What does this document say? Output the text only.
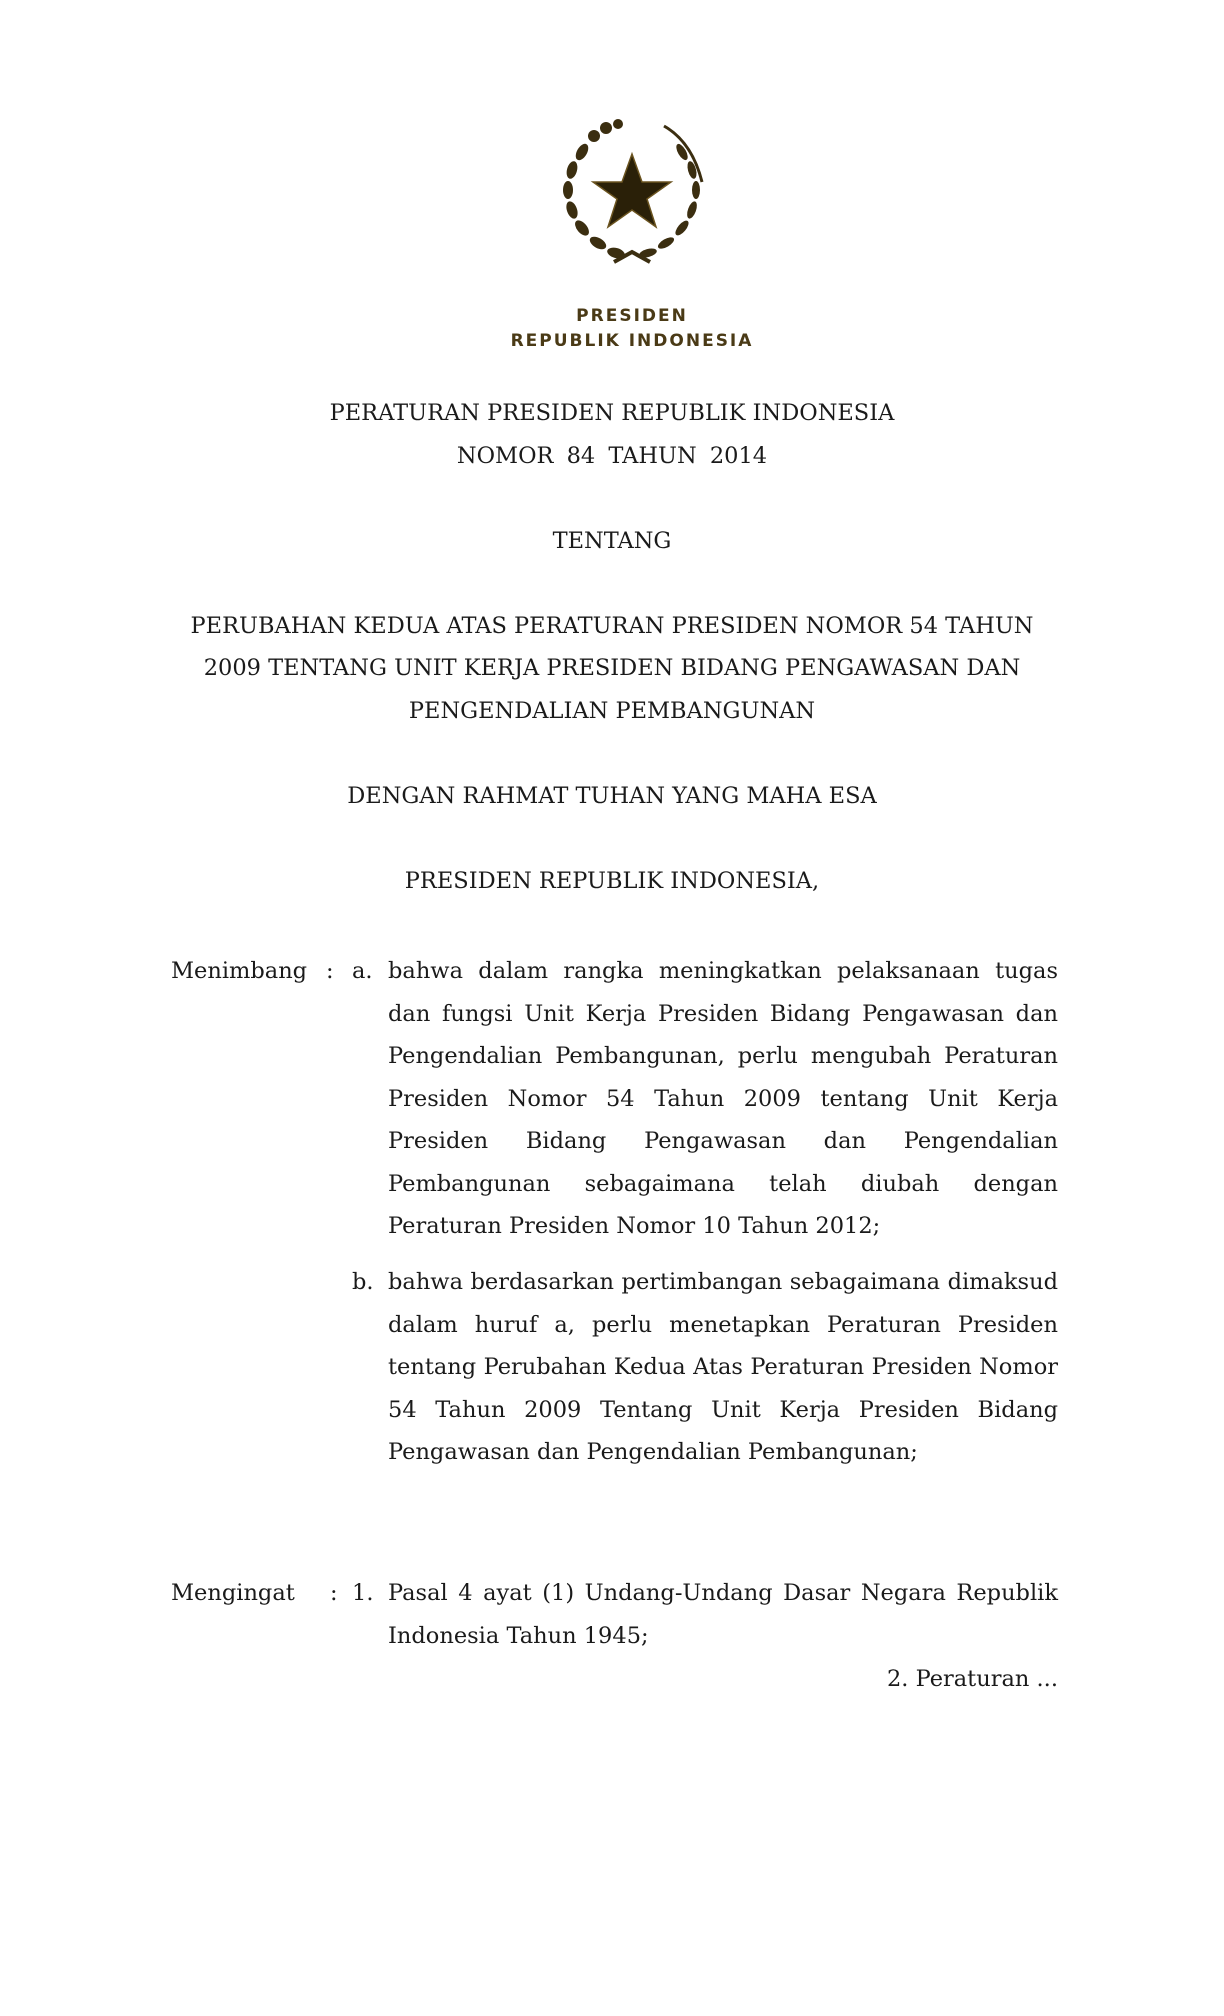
PRESIDEN
REPUBLIK INDONESIA
PERATURAN PRESIDEN REPUBLIK INDONESIA
NOMOR 84 TAHUN 2014
TENTANG
PERUBAHAN KEDUA ATAS PERATURAN PRESIDEN NOMOR 54 TAHUN
2009 TENTANG UNIT KERJA PRESIDEN BIDANG PENGAWASAN DAN
PENGENDALIAN PEMBANGUNAN
DENGAN RAHMAT TUHAN YANG MAHA ESA
PRESIDEN REPUBLIK INDONESIA,
Menimbang : a. bahwa dalam rangka meningkatkan pelaksanaan tugas dan fungsi Unit Kerja Presiden Bidang Pengawasan dan Pengendalian Pembangunan, perlu mengubah Peraturan Presiden Nomor 54 Tahun 2009 tentang Unit Kerja Presiden Bidang Pengawasan dan Pengendalian Pembangunan sebagaimana telah diubah dengan Peraturan Presiden Nomor 10 Tahun 2012;

b. bahwa berdasarkan pertimbangan sebagaimana dimaksud dalam huruf a, perlu menetapkan Peraturan Presiden tentang Perubahan Kedua Atas Peraturan Presiden Nomor 54 Tahun 2009 Tentang Unit Kerja Presiden Bidang Pengawasan dan Pengendalian Pembangunan;

Mengingat : 1. Pasal 4 ayat (1) Undang-Undang Dasar Negara Republik Indonesia Tahun 1945;

2. Peraturan ...
